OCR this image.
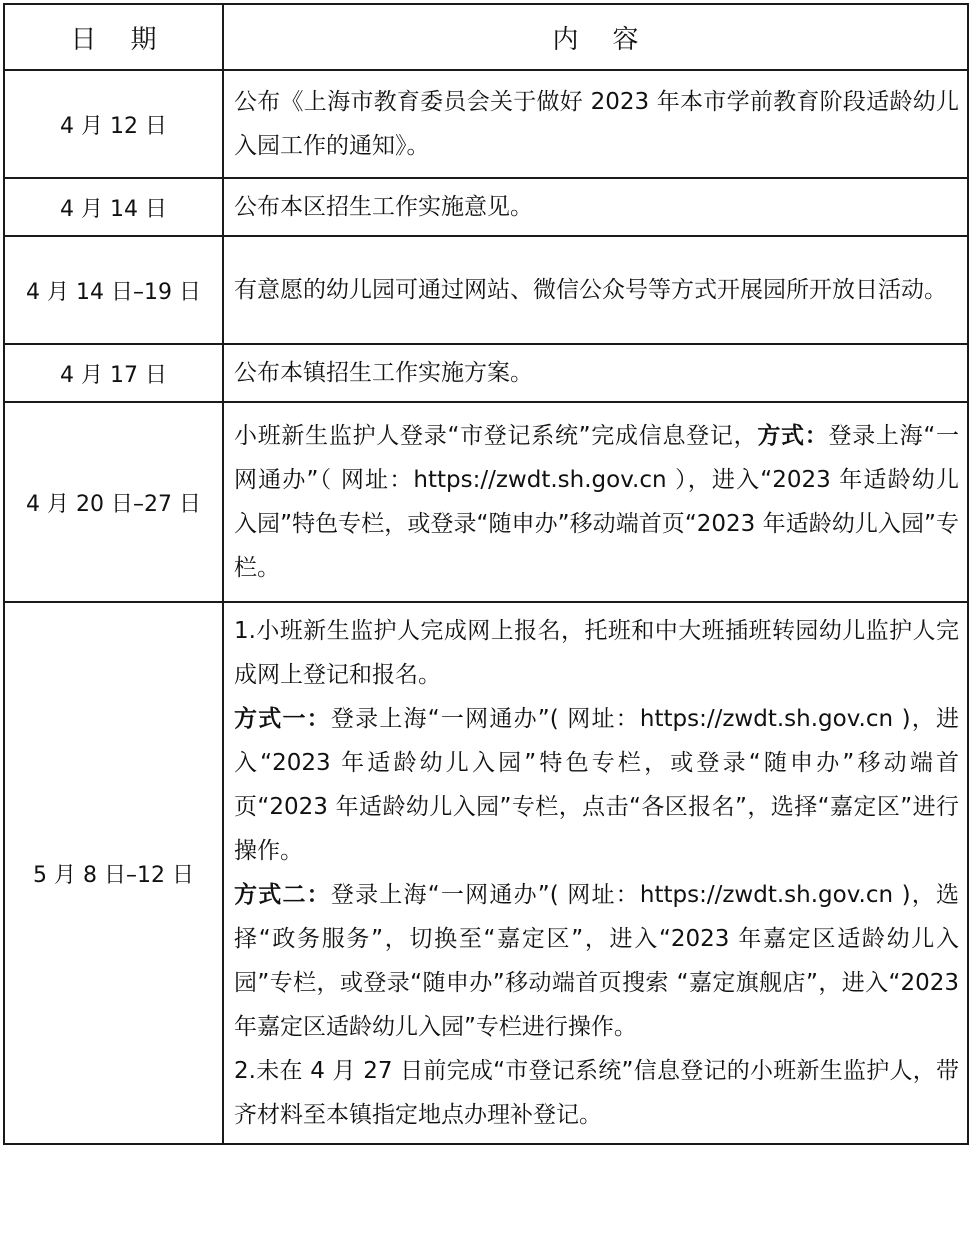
日 期	内 容
4 月 12 日	公布《上海市教育委员会关于做好 2023 年本市学前教育阶段适龄幼儿入园工作的通知》。
4 月 14 日	公布本区招生工作实施意见。
4 月 14 日–19 日	有意愿的幼儿园可通过网站、微信公众号等方式开展园所开放日活动。
4 月 17 日	公布本镇招生工作实施方案。
4 月 20 日–27 日	小班新生监护人登录“市登记系统”完成信息登记，方式：登录上海“一网通办”（ 网址：https://zwdt.sh.gov.cn ），进入“2023 年适龄幼儿入园”特色专栏，或登录“随申办”移动端首页“2023 年适龄幼儿入园”专栏。
5 月 8 日–12 日	1.小班新生监护人完成网上报名，托班和中大班插班转园幼儿监护人完成网上登记和报名。

方式一：登录上海“一网通办”( 网址：https://zwdt.sh.gov.cn )，进入“2023 年适龄幼儿入园”特色专栏，或登录“随申办”移动端首页“2023 年适龄幼儿入园”专栏，点击“各区报名”，选择“嘉定区”进行操作。

方式二：登录上海“一网通办”( 网址：https://zwdt.sh.gov.cn )，选择“政务服务”，切换至“嘉定区”，进入“2023 年嘉定区适龄幼儿入园”专栏，或登录“随申办”移动端首页搜索 “嘉定旗舰店”，进入“2023 年嘉定区适龄幼儿入园”专栏进行操作。

2.未在 4 月 27 日前完成“市登记系统”信息登记的小班新生监护人，带齐材料至本镇指定地点办理补登记。
